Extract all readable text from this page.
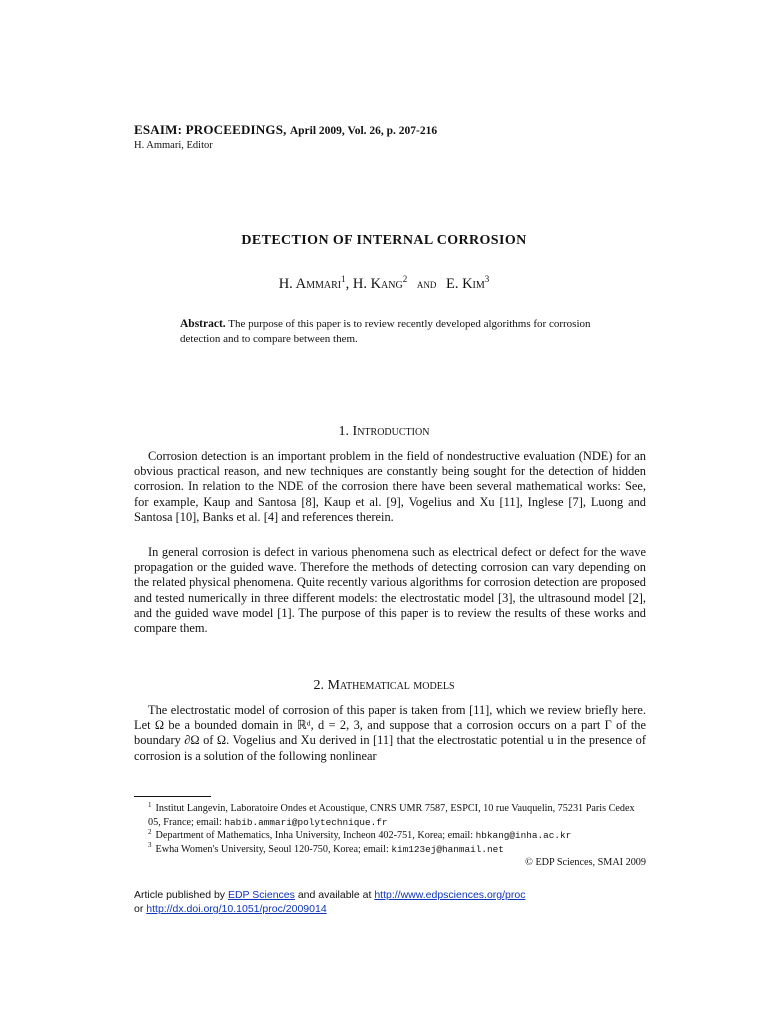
ESAIM: PROCEEDINGS, April 2009, Vol. 26, p. 207-216
H. Ammari, Editor
DETECTION OF INTERNAL CORROSION
H. Ammari$^1$, H. Kang$^2$ and E. Kim$^3$
Abstract. The purpose of this paper is to review recently developed algorithms for corrosion detection and to compare between them.
1. Introduction
Corrosion detection is an important problem in the field of nondestructive evaluation (NDE) for an obvious practical reason, and new techniques are constantly being sought for the detection of hidden corrosion. In relation to the NDE of the corrosion there have been several mathematical works: See, for example, Kaup and Santosa [8], Kaup et al. [9], Vogelius and Xu [11], Inglese [7], Luong and Santosa [10], Banks et al. [4] and references therein.
In general corrosion is defect in various phenomena such as electrical defect or defect for the wave propagation or the guided wave. Therefore the methods of detecting corrosion can vary depending on the related physical phenomena. Quite recently various algorithms for corrosion detection are proposed and tested numerically in three different models: the electrostatic model [3], the ultrasound model [2], and the guided wave model [1]. The purpose of this paper is to review the results of these works and compare them.
2. Mathematical models
The electrostatic model of corrosion of this paper is taken from [11], which we review briefly here. Let Ω be a bounded domain in ℝᵈ, d = 2, 3, and suppose that a corrosion occurs on a part Γ of the boundary ∂Ω of Ω. Vogelius and Xu derived in [11] that the electrostatic potential u in the presence of corrosion is a solution of the following nonlinear
$^1$ Institut Langevin, Laboratoire Ondes et Acoustique, CNRS UMR 7587, ESPCI, 10 rue Vauquelin, 75231 Paris Cedex 05, France; email: habib.ammari@polytechnique.fr
$^2$ Department of Mathematics, Inha University, Incheon 402-751, Korea; email: hbkang@inha.ac.kr
$^3$ Ewha Women's University, Seoul 120-750, Korea; email: kim123ej@hanmail.net
© EDP Sciences, SMAI 2009
Article published by EDP Sciences and available at http://www.edpsciences.org/proc
or http://dx.doi.org/10.1051/proc/2009014
